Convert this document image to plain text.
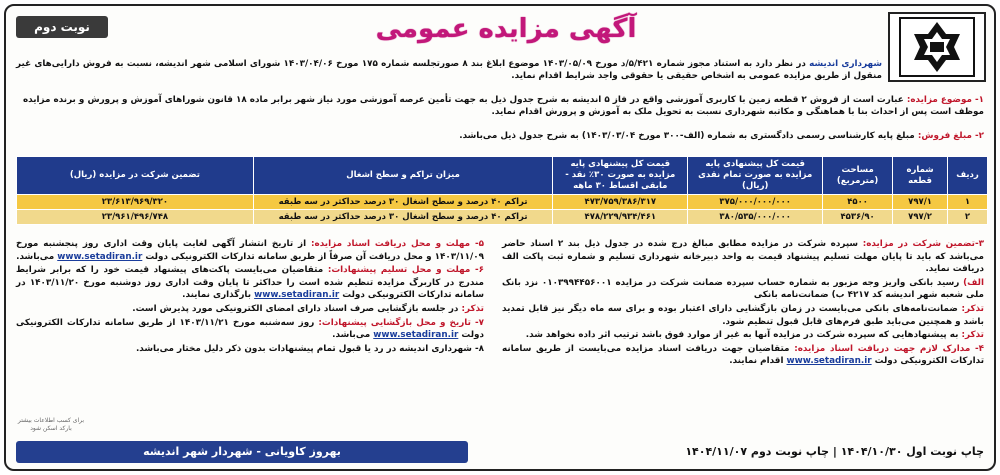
نوبت دوم	آگهی مزایده عمومی
شهرداری اندیشه در نظر دارد به استناد مجوز شماره ۵/۴۲۱/د مورخ ۱۴۰۳/۰۵/۰۹ موضوع ابلاغ بند ۸ صورتجلسه شماره ۱۷۵ مورخ ۱۴۰۳/۰۴/۰۶ شورای اسلامی شهر اندیشه، نسبت به فروش دارایی‌های غیر منقول از طریق مزایده عمومی به اشخاص حقیقی یا حقوقی واجد شرایط اقدام نماید.
۱- موضوع مزایده: عبارت است از فروش ۲ قطعه زمین با کاربری آموزشی واقع در فاز ۵ اندیشه به شرح جدول ذیل به جهت تأمین عرصه آموزشی مورد نیاز شهر برابر ماده ۱۸ قانون شوراهای آموزش و پرورش و برنده مزایده موظف است پس از احداث بنا با هماهنگی و مکاتبه شهرداری نسبت به تحویل ملک به آموزش و پرورش اقدام نماید.
۲- مبلغ فروش: مبلغ پایه کارشناسی رسمی دادگستری به شماره (الف-۳۰۰ مورخ ۱۴۰۳/۰۳/۰۴) به شرح جدول ذیل می‌باشد.
ردیف	شماره قطعه	مساحت (مترمربع)	قیمت کل پیشنهادی پایه مزایده به صورت تمام نقدی (ریال)	قیمت کل پیشنهادی پایه مزایده به صورت ۳۰٪ نقد - مابقی اقساط ۳۰ ماهه	میزان تراکم و سطح اشغال	تضمین شرکت در مزایده (ریال)
۱	۷۹۷/۱	۴۵۰۰	۳۷۵/۰۰۰/۰۰۰/۰۰۰	۴۷۳/۷۵۹/۳۸۶/۳۱۷	تراکم ۴۰ درصد و سطح اشغال ۳۰ درصد حداکثر در سه طبقه	۲۳/۶۱۳/۹۶۹/۳۲۰
۲	۷۹۷/۲	۴۵۳۶/۹۰	۳۸۰/۵۳۵/۰۰۰/۰۰۰	۴۷۸/۲۲۹/۹۳۴/۴۶۱	تراکم ۴۰ درصد و سطح اشغال ۳۰ درصد حداکثر در سه طبقه	۲۳/۹۶۱/۴۹۶/۷۴۸

۳-تضمین شرکت در مزایده: سپرده شرکت در مزایده مطابق مبالغ درج شده در جدول ذیل بند ۲ اسناد حاضر می‌باشد که باید تا پایان مهلت تسلیم پیشنهاد قیمت به واحد دبیرخانه شهرداری تسلیم و شماره ثبت پاکت الف دریافت نماید.

الف) رسید بانکی واریز وجه مزبور به شماره حساب سپرده ضمانت شرکت در مزایده ۰۱۰۳۹۹۴۴۵۶۰۰۱ نزد بانک ملی شعبه شهر اندیشه کد ۴۲۱۷ ب) ضمانت‌نامه بانکی

تذکر: ضمانت‌نامه‌های بانکی می‌بایست در زمان بازگشایی دارای اعتبار بوده و برای سه ماه دیگر نیز قابل تمدید باشد و همچنین می‌باید طبق فرم‌های قابل قبول تنظیم شود.

تذکر: به پیشنهادهایی که سپرده شرکت در مزایده آنها به غیر از موارد فوق باشد ترتیب اثر داده نخواهد شد.

۴- مدارک لازم جهت دریافت اسناد مزایده: متقاضیان جهت دریافت اسناد مزایده می‌بایست از طریق سامانه تدارکات الکترونیکی دولت www.setadiran.ir اقدام نمایند.

۵- مهلت و محل دریافت اسناد مزایده: از تاریخ انتشار آگهی لغایت پایان وقت اداری روز پنجشنبه مورخ ۱۴۰۳/۱۱/۰۹ و محل دریافت آن صرفاً از طریق سامانه تدارکات الکترونیکی دولت www.setadiran.ir می‌باشد.

۶- مهلت و محل تسلیم پیشنهادات: متقاضیان می‌بایست پاکت‌های پیشنهاد قیمت خود را که برابر شرایط مندرج در کاربرگ مزایده تنظیم شده است را حداکثر تا پایان وقت اداری روز دوشنبه مورخ ۱۴۰۳/۱۱/۲۰ در سامانه تدارکات الکترونیکی دولت www.setadiran.ir بارگذاری نمایند.

تذکر: در جلسه بازگشایی صرف اسناد دارای امضای الکترونیکی مورد پذیرش است.

۷- تاریخ و محل بازگشایی پیشنهادات: روز سه‌شنبه مورخ ۱۴۰۳/۱۱/۲۱ از طریق سامانه تدارکات الکترونیکی دولت www.setadiran.ir می‌باشد.

۸- شهرداری اندیشه در رد یا قبول تمام پیشنهادات بدون ذکر دلیل مختار می‌باشد.

برای کسب اطلاعات بیشتر بارکد اسکن شود
بهروز کاویانی - شهردار شهر اندیشه	چاپ نوبت اول ۱۴۰۴/۱۰/۳۰ | چاپ نوبت دوم ۱۴۰۴/۱۱/۰۷
